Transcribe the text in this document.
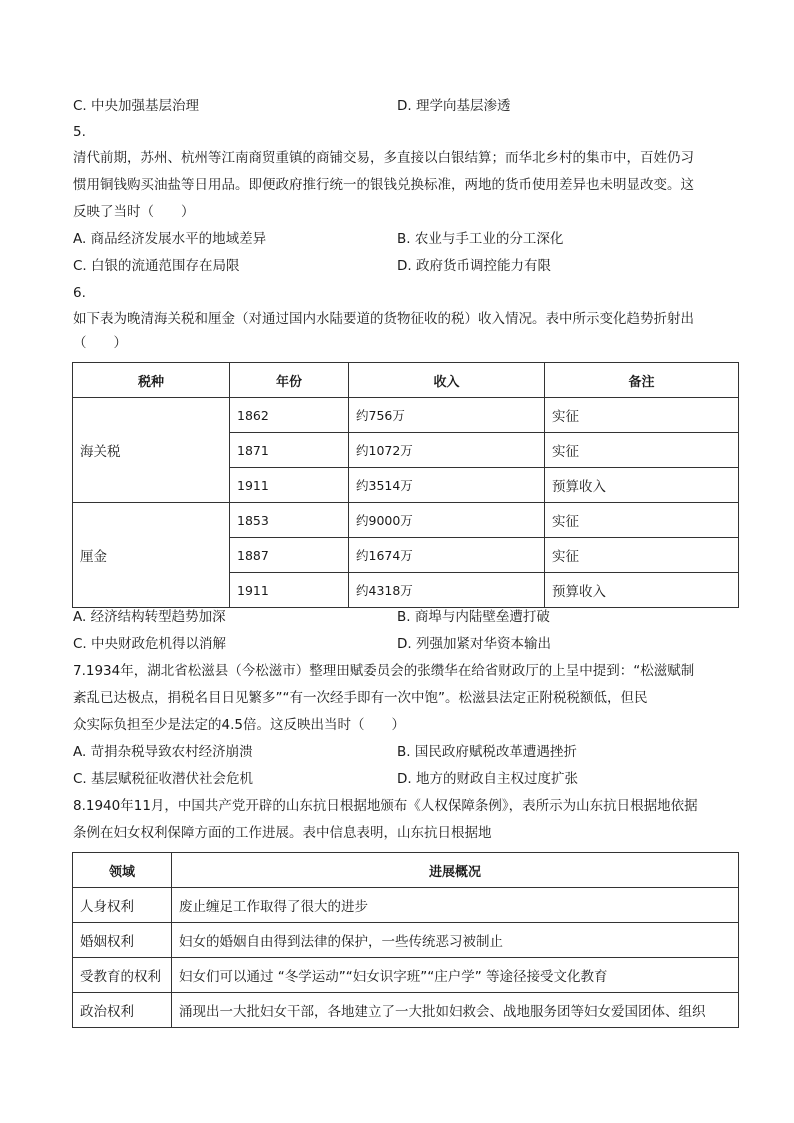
C. 中央加强基层治理	D. 理学向基层渗透
5.
清代前期，苏州、杭州等江南商贸重镇的商铺交易，多直接以白银结算；而华北乡村的集市中，百姓仍习
惯用铜钱购买油盐等日用品。即便政府推行统一的银钱兑换标准，两地的货币使用差异也未明显改变。这
反映了当时（　　）
A. 商品经济发展水平的地域差异	B. 农业与手工业的分工深化
C. 白银的流通范围存在局限	D. 政府货币调控能力有限
6.
如下表为晚清海关税和厘金（对通过国内水陆要道的货物征收的税）收入情况。表中所示变化趋势折射出
（　　）
税种	年份	收入	备注
海关税	1862	约756万	实征
	1871	约1072万	实征
	1911	约3514万	预算收入
厘金	1853	约9000万	实征
	1887	约1674万	实征
	1911	约4318万	预算收入
A. 经济结构转型趋势加深	B. 商埠与内陆壁垒遭打破
C. 中央财政危机得以消解	D. 列强加紧对华资本输出
7.1934年，湖北省松滋县（今松滋市）整理田赋委员会的张缵华在给省财政厅的上呈中提到：“松滋赋制
紊乱已达极点，捐税名目日见繁多”“有一次经手即有一次中饱”。松滋县法定正附税税额低，但民
众实际负担至少是法定的4.5倍。这反映出当时（　　）
A. 苛捐杂税导致农村经济崩溃	B. 国民政府赋税改革遭遇挫折
C. 基层赋税征收潜伏社会危机	D. 地方的财政自主权过度扩张
8.1940年11月，中国共产党开辟的山东抗日根据地颁布《人权保障条例》，表所示为山东抗日根据地依据
条例在妇女权利保障方面的工作进展。表中信息表明，山东抗日根据地
领域	进展概况
人身权利	废止缠足工作取得了很大的进步
婚姻权利	妇女的婚姻自由得到法律的保护，一些传统恶习被制止
受教育的权利	妇女们可以通过 “冬学运动”“妇女识字班”“庄户学” 等途径接受文化教育
政治权利	涌现出一大批妇女干部，各地建立了一大批如妇救会、战地服务团等妇女爱国团体、组织
